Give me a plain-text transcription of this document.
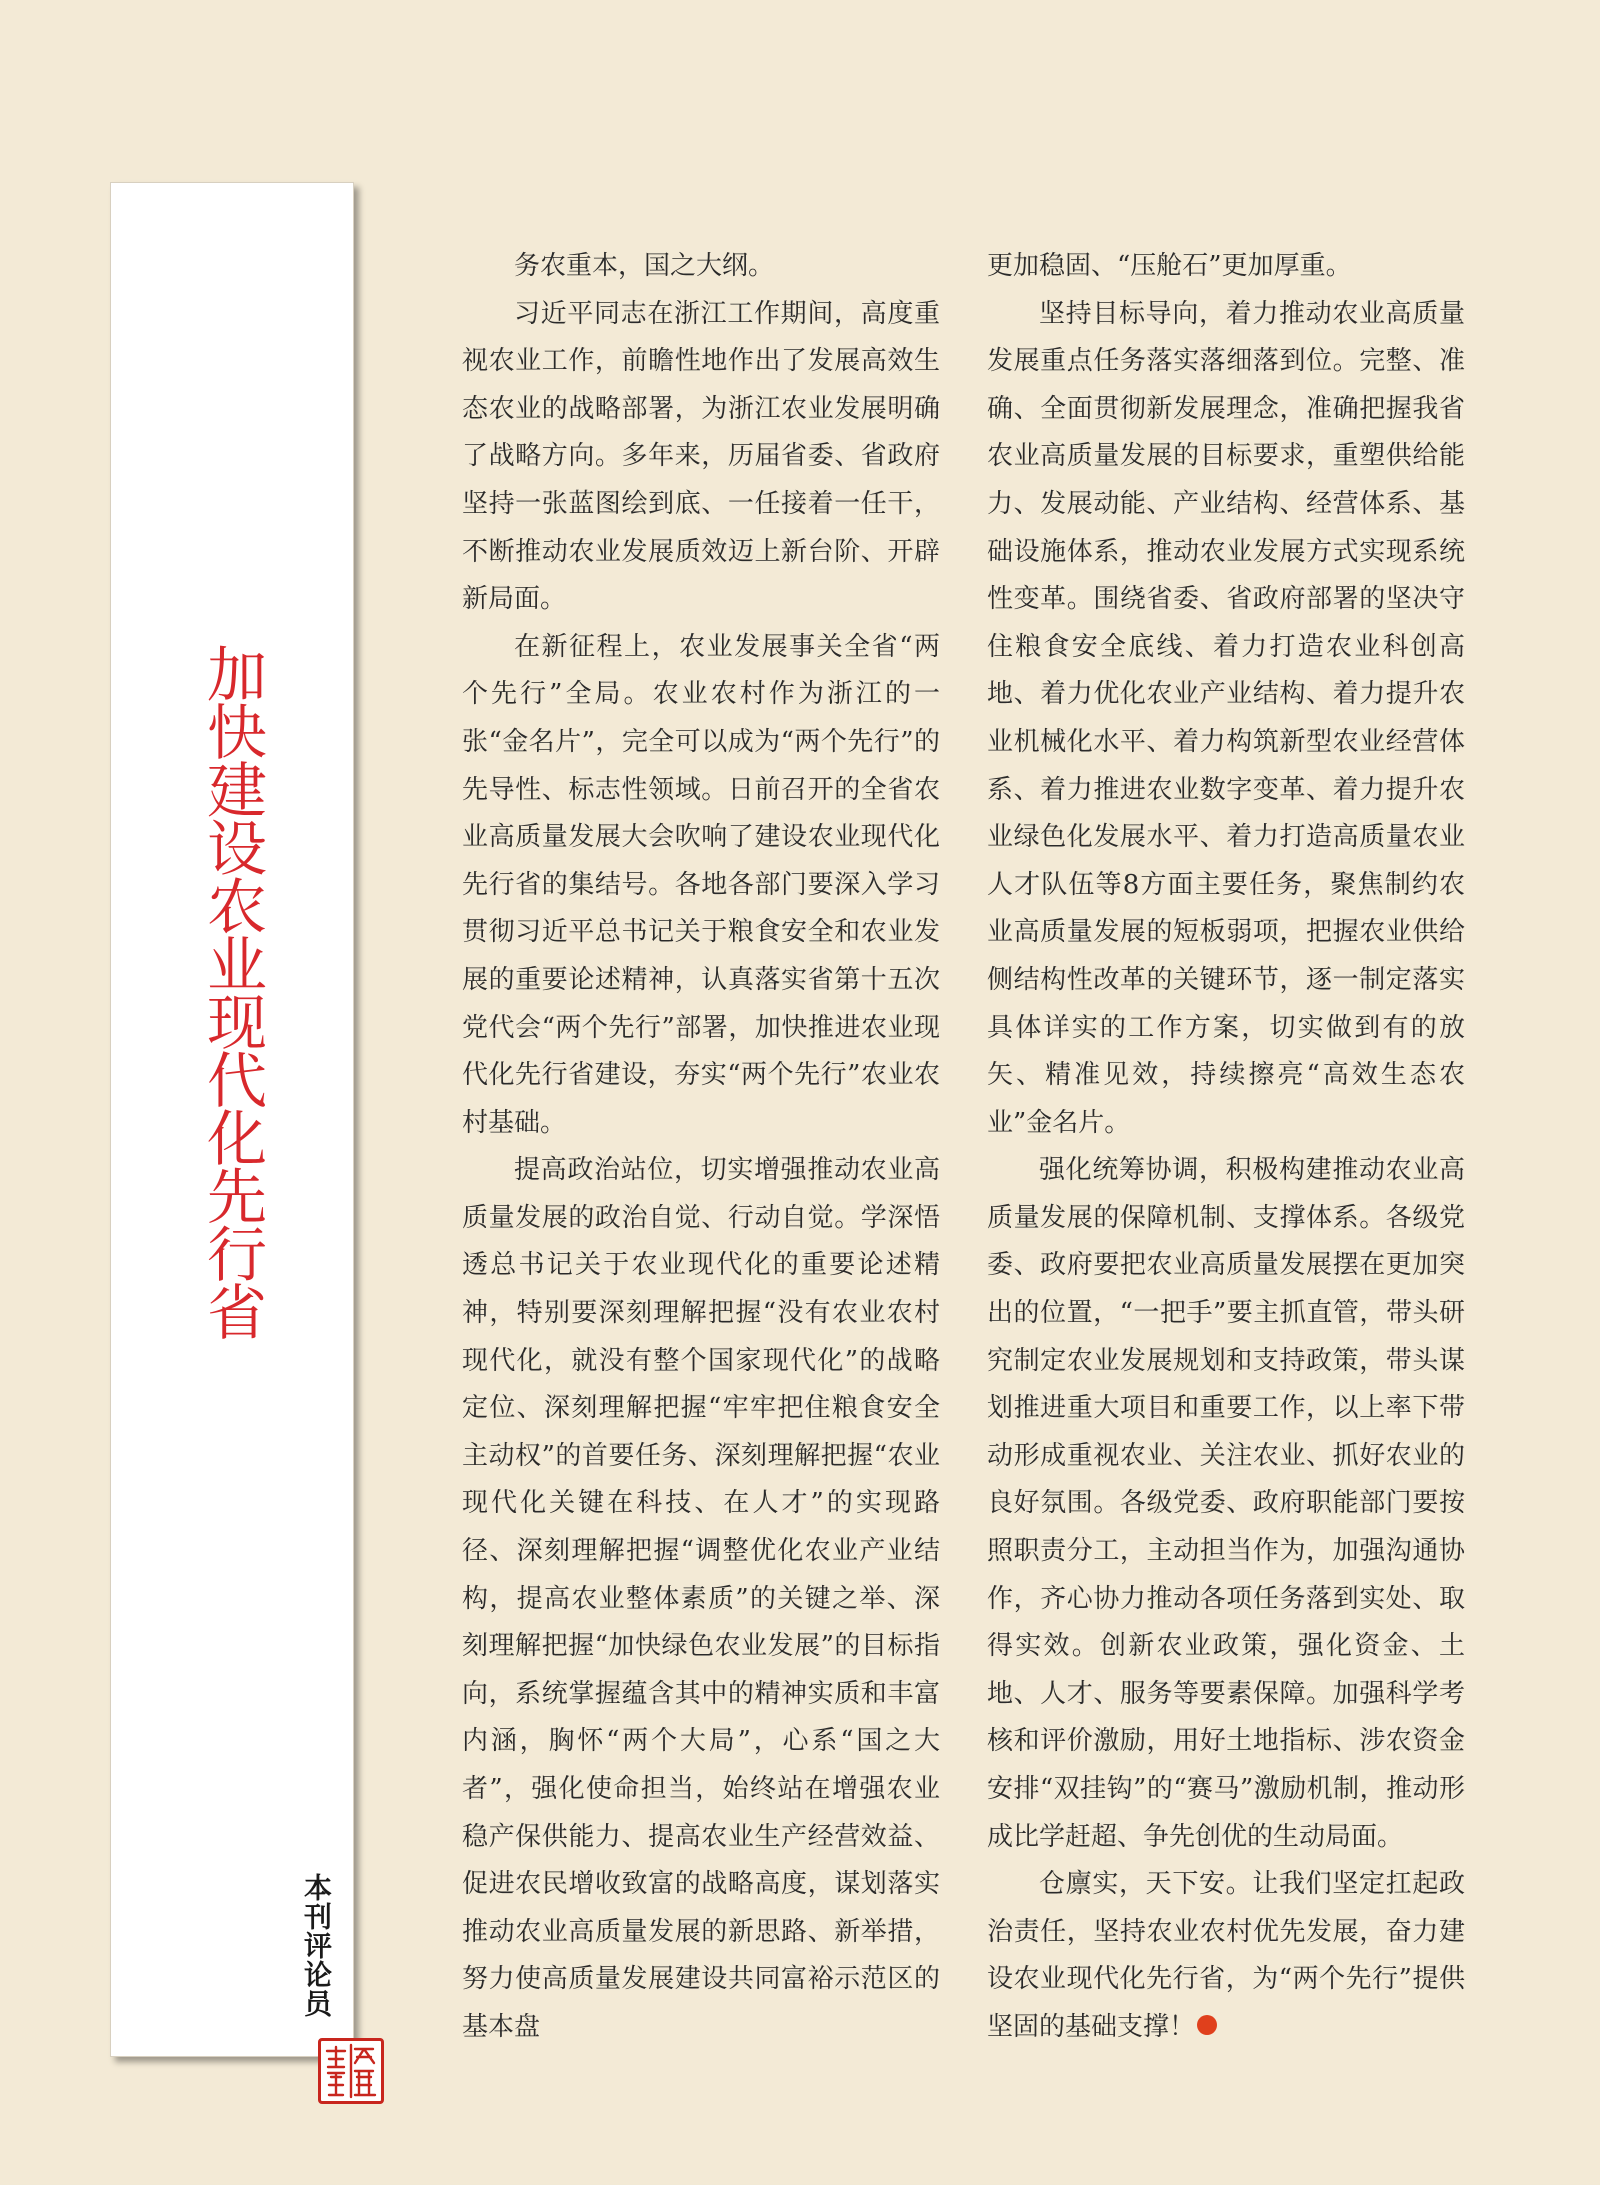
加快建设农业现代化先行省
本刊评论员

务农重本，国之大纲。

习近平同志在浙江工作期间，高度重视农业工作，前瞻性地作出了发展高效生态农业的战略部署，为浙江农业发展明确了战略方向。多年来，历届省委、省政府坚持一张蓝图绘到底、一任接着一任干，不断推动农业发展质效迈上新台阶、开辟新局面。

在新征程上，农业发展事关全省“两个先行”全局。农业农村作为浙江的一张“金名片”，完全可以成为“两个先行”的先导性、标志性领域。日前召开的全省农业高质量发展大会吹响了建设农业现代化先行省的集结号。各地各部门要深入学习贯彻习近平总书记关于粮食安全和农业发展的重要论述精神，认真落实省第十五次党代会“两个先行”部署，加快推进农业现代化先行省建设，夯实“两个先行”农业农村基础。

提高政治站位，切实增强推动农业高质量发展的政治自觉、行动自觉。学深悟透总书记关于农业现代化的重要论述精神，特别要深刻理解把握“没有农业农村现代化，就没有整个国家现代化”的战略定位、深刻理解把握“牢牢把住粮食安全主动权”的首要任务、深刻理解把握“农业现代化关键在科技、在人才”的实现路径、深刻理解把握“调整优化农业产业结构，提高农业整体素质”的关键之举、深刻理解把握“加快绿色农业发展”的目标指向，系统掌握蕴含其中的精神实质和丰富内涵，胸怀“两个大局”，心系“国之大者”，强化使命担当，始终站在增强农业稳产保供能力、提高农业生产经营效益、促进农民增收致富的战略高度，谋划落实推动农业高质量发展的新思路、新举措，努力使高质量发展建设共同富裕示范区的基本盘

更加稳固、“压舱石”更加厚重。

坚持目标导向，着力推动农业高质量发展重点任务落实落细落到位。完整、准确、全面贯彻新发展理念，准确把握我省农业高质量发展的目标要求，重塑供给能力、发展动能、产业结构、经营体系、基础设施体系，推动农业发展方式实现系统性变革。围绕省委、省政府部署的坚决守住粮食安全底线、着力打造农业科创高地、着力优化农业产业结构、着力提升农业机械化水平、着力构筑新型农业经营体系、着力推进农业数字变革、着力提升农业绿色化发展水平、着力打造高质量农业人才队伍等8方面主要任务，聚焦制约农业高质量发展的短板弱项，把握农业供给侧结构性改革的关键环节，逐一制定落实具体详实的工作方案，切实做到有的放矢、精准见效，持续擦亮“高效生态农业”金名片。

强化统筹协调，积极构建推动农业高质量发展的保障机制、支撑体系。各级党委、政府要把农业高质量发展摆在更加突出的位置，“一把手”要主抓直管，带头研究制定农业发展规划和支持政策，带头谋划推进重大项目和重要工作，以上率下带动形成重视农业、关注农业、抓好农业的良好氛围。各级党委、政府职能部门要按照职责分工，主动担当作为，加强沟通协作，齐心协力推动各项任务落到实处、取得实效。创新农业政策，强化资金、土地、人才、服务等要素保障。加强科学考核和评价激励，用好土地指标、涉农资金安排“双挂钩”的“赛马”激励机制，推动形成比学赶超、争先创优的生动局面。

仓廪实，天下安。让我们坚定扛起政治责任，坚持农业农村优先发展，奋力建设农业现代化先行省，为“两个先行”提供坚固的基础支撑！
